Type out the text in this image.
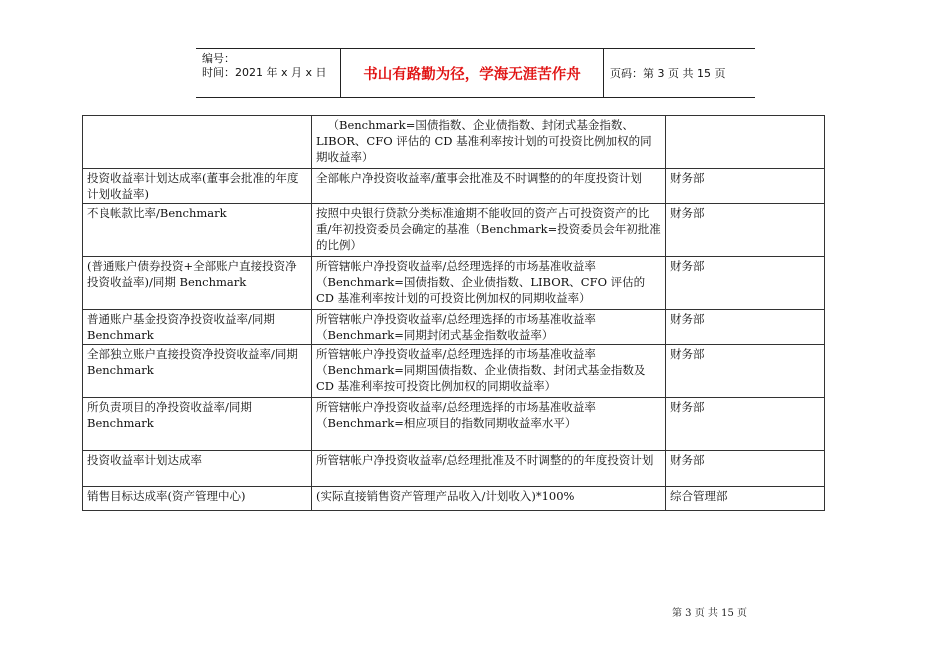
编号：
时间：2021 年 x 月 x 日	书山有路勤为径，学海无涯苦作舟	页码：第 3 页 共 15 页
	（Benchmark=国债指数、企业债指数、封闭式基金指数、LIBOR、CFO 评估的 CD 基准利率按计划的可投资比例加权的同期收益率）	
投资收益率计划达成率(董事会批准的年度计划收益率)	全部帐户净投资收益率/董事会批准及不时调整的的年度投资计划	财务部
不良帐款比率/Benchmark	按照中央银行贷款分类标准逾期不能收回的资产占可投资资产的比重/年初投资委员会确定的基准（Benchmark=投资委员会年初批准的比例）	财务部
(普通账户债券投资+全部账户直接投资净投资收益率)/同期 Benchmark	所管辖帐户净投资收益率/总经理选择的市场基准收益率（Benchmark=国债指数、企业债指数、LIBOR、CFO 评估的 CD 基准利率按计划的可投资比例加权的同期收益率）	财务部
普通账户基金投资净投资收益率/同期 Benchmark	所管辖帐户净投资收益率/总经理选择的市场基准收益率（Benchmark=同期封闭式基金指数收益率）	财务部
全部独立账户直接投资净投资收益率/同期 Benchmark	所管辖帐户净投资收益率/总经理选择的市场基准收益率（Benchmark=同期国债指数、企业债指数、封闭式基金指数及 CD 基准利率按可投资比例加权的同期收益率）	财务部
所负责项目的净投资收益率/同期 Benchmark	所管辖帐户净投资收益率/总经理选择的市场基准收益率（Benchmark=相应项目的指数同期收益率水平）	财务部
投资收益率计划达成率	所管辖帐户净投资收益率/总经理批准及不时调整的的年度投资计划	财务部
销售目标达成率(资产管理中心)	(实际直接销售资产管理产品收入/计划收入)*100%	综合管理部
第 3 页 共 15 页
